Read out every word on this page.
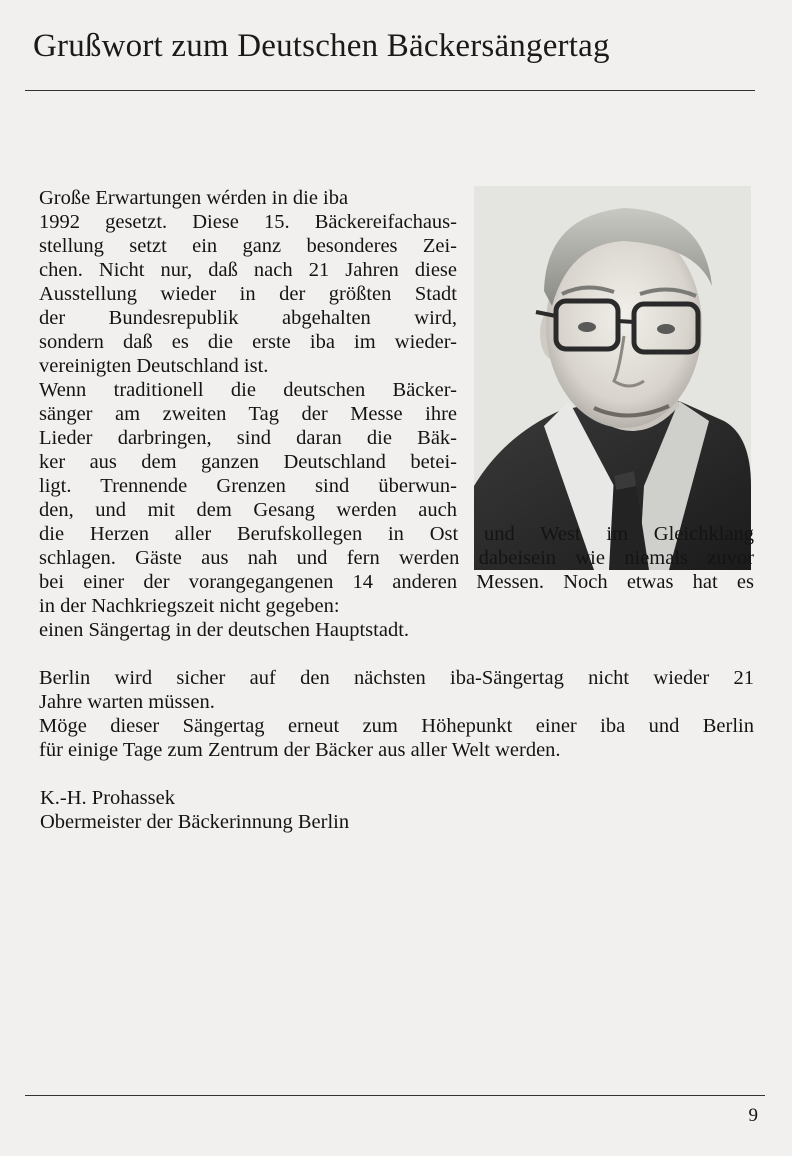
Grußwort zum Deutschen Bäckersängertag
Große Erwartungen wérden in die iba
1992 gesetzt. Diese 15. Bäckereifachaus-
stellung setzt ein ganz besonderes Zei-
chen. Nicht nur, daß nach 21 Jahren diese
Ausstellung wieder in der größten Stadt
der Bundesrepublik abgehalten wird,
sondern daß es die erste iba im wieder-
vereinigten Deutschland ist.
Wenn traditionell die deutschen Bäcker-
sänger am zweiten Tag der Messe ihre
Lieder darbringen, sind daran die Bäk-
ker aus dem ganzen Deutschland betei-
ligt. Trennende Grenzen sind überwun-
den, und mit dem Gesang werden auch
die Herzen aller Berufskollegen in Ost und West im Gleichklang
schlagen. Gäste aus nah und fern werden dabeisein wie niemals zuvor
bei einer der vorangegangenen 14 anderen Messen. Noch etwas hat es
in der Nachkriegszeit nicht gegeben:
einen Sängertag in der deutschen Hauptstadt.
Berlin wird sicher auf den nächsten iba-Sängertag nicht wieder 21
Jahre warten müssen.
Möge dieser Sängertag erneut zum Höhepunkt einer iba und Berlin
für einige Tage zum Zentrum der Bäcker aus aller Welt werden.
K.-H. Prohassek
Obermeister der Bäckerinnung Berlin
9
